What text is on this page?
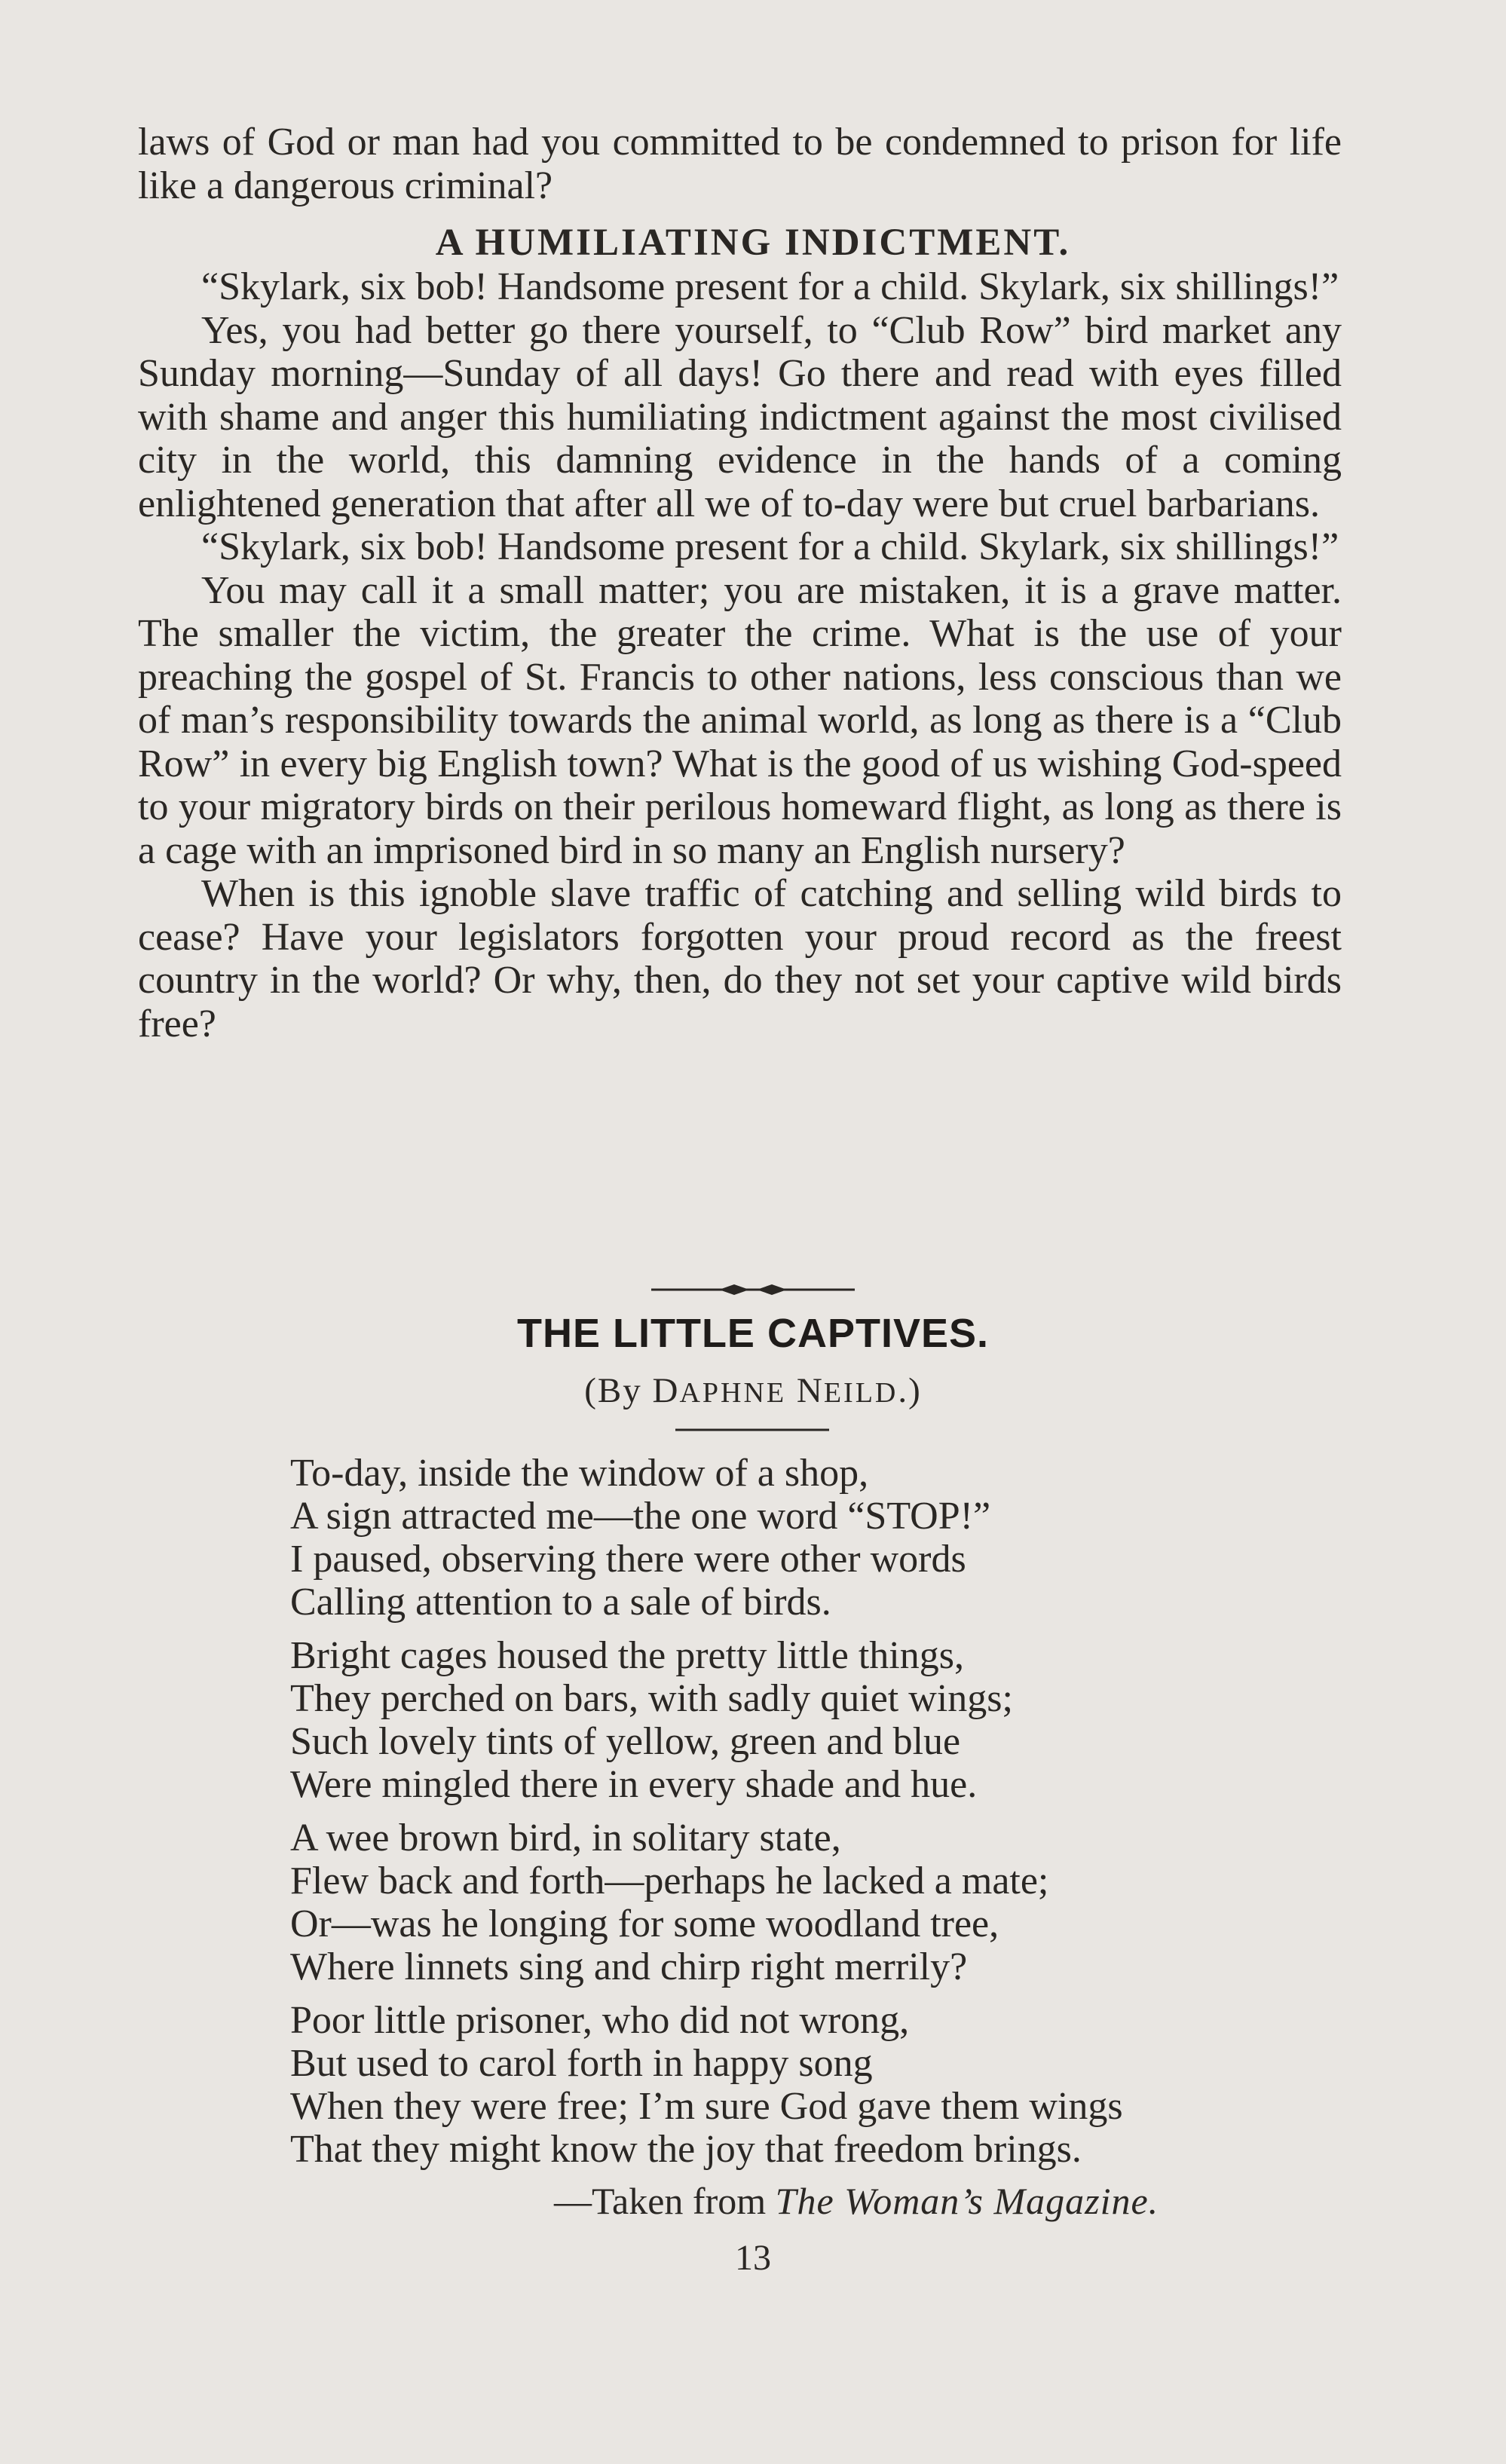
laws of God or man had you committed to be condemned to prison for life like a dangerous criminal?

A HUMILIATING INDICTMENT.

“Skylark, six bob! Handsome present for a child. Skylark, six shillings!”

Yes, you had better go there yourself, to “Club Row” bird market any Sunday morning—Sunday of all days! Go there and read with eyes filled with shame and anger this humiliating indictment against the most civilised city in the world, this damning evidence in the hands of a coming enlightened generation that after all we of to-day were but cruel barbarians.

“Skylark, six bob! Handsome present for a child. Skylark, six shillings!”

You may call it a small matter; you are mistaken, it is a grave matter. The smaller the victim, the greater the crime. What is the use of your preaching the gospel of St. Francis to other nations, less conscious than we of man’s responsibility towards the animal world, as long as there is a “Club Row” in every big English town? What is the good of us wishing God-speed to your migratory birds on their perilous homeward flight, as long as there is a cage with an imprisoned bird in so many an English nursery?

When is this ignoble slave traffic of catching and selling wild birds to cease? Have your legislators forgotten your proud record as the freest country in the world? Or why, then, do they not set your captive wild birds free?

THE LITTLE CAPTIVES.
(By DAPHNE NEILD.)
To-day, inside the window of a shop,
A sign attracted me—the one word “STOP!”
I paused, observing there were other words
Calling attention to a sale of birds.
Bright cages housed the pretty little things,
They perched on bars, with sadly quiet wings;
Such lovely tints of yellow, green and blue
Were mingled there in every shade and hue.
A wee brown bird, in solitary state,
Flew back and forth—perhaps he lacked a mate;
Or—was he longing for some woodland tree,
Where linnets sing and chirp right merrily?
Poor little prisoner, who did not wrong,
But used to carol forth in happy song
When they were free; I’m sure God gave them wings
That they might know the joy that freedom brings.
—Taken from The Woman’s Magazine.
13
